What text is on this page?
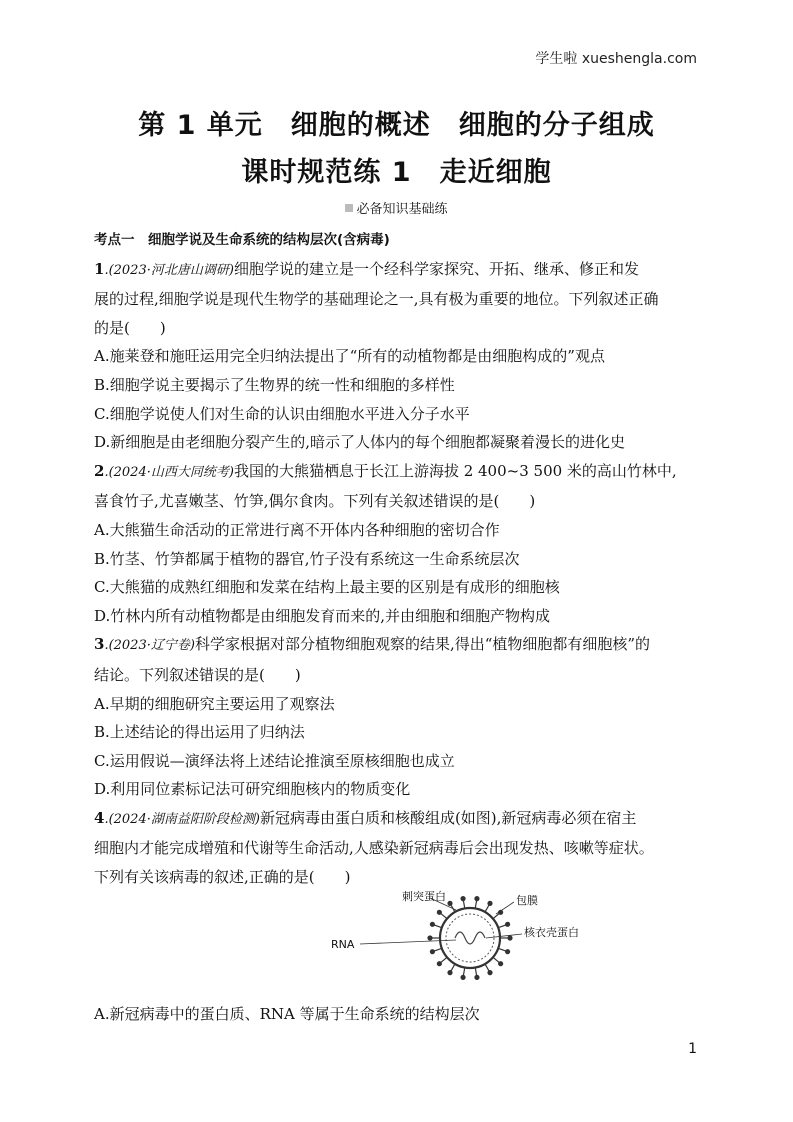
学生啦 xueshengla.com
第 1 单元　细胞的概述　细胞的分子组成
课时规范练 1　走近细胞
必备知识基础练

考点一　细胞学说及生命系统的结构层次(含病毒)

1.(2023·河北唐山调研)细胞学说的建立是一个经科学家探究、开拓、继承、修正和发

展的过程,细胞学说是现代生物学的基础理论之一,具有极为重要的地位。下列叙述正确

的是(　　)

A.施莱登和施旺运用完全归纳法提出了“所有的动植物都是由细胞构成的”观点

B.细胞学说主要揭示了生物界的统一性和细胞的多样性

C.细胞学说使人们对生命的认识由细胞水平进入分子水平

D.新细胞是由老细胞分裂产生的,暗示了人体内的每个细胞都凝聚着漫长的进化史

2.(2024·山西大同统考)我国的大熊猫栖息于长江上游海拔 2 400~3 500 米的高山竹林中,

喜食竹子,尤喜嫩茎、竹笋,偶尔食肉。下列有关叙述错误的是(　　)

A.大熊猫生命活动的正常进行离不开体内各种细胞的密切合作

B.竹茎、竹笋都属于植物的器官,竹子没有系统这一生命系统层次

C.大熊猫的成熟红细胞和发菜在结构上最主要的区别是有成形的细胞核

D.竹林内所有动植物都是由细胞发育而来的,并由细胞和细胞产物构成

3.(2023·辽宁卷)科学家根据对部分植物细胞观察的结果,得出“植物细胞都有细胞核”的

结论。下列叙述错误的是(　　)

A.早期的细胞研究主要运用了观察法

B.上述结论的得出运用了归纳法

C.运用假说—演绎法将上述结论推演至原核细胞也成立

D.利用同位素标记法可研究细胞核内的物质变化

4.(2024·湖南益阳阶段检测)新冠病毒由蛋白质和核酸组成(如图),新冠病毒必须在宿主

细胞内才能完成增殖和代谢等生命活动,人感染新冠病毒后会出现发热、咳嗽等症状。

下列有关该病毒的叙述,正确的是(　　)

刺突蛋白	包膜
RNA
核衣壳蛋白

A.新冠病毒中的蛋白质、RNA 等属于生命系统的结构层次

1
